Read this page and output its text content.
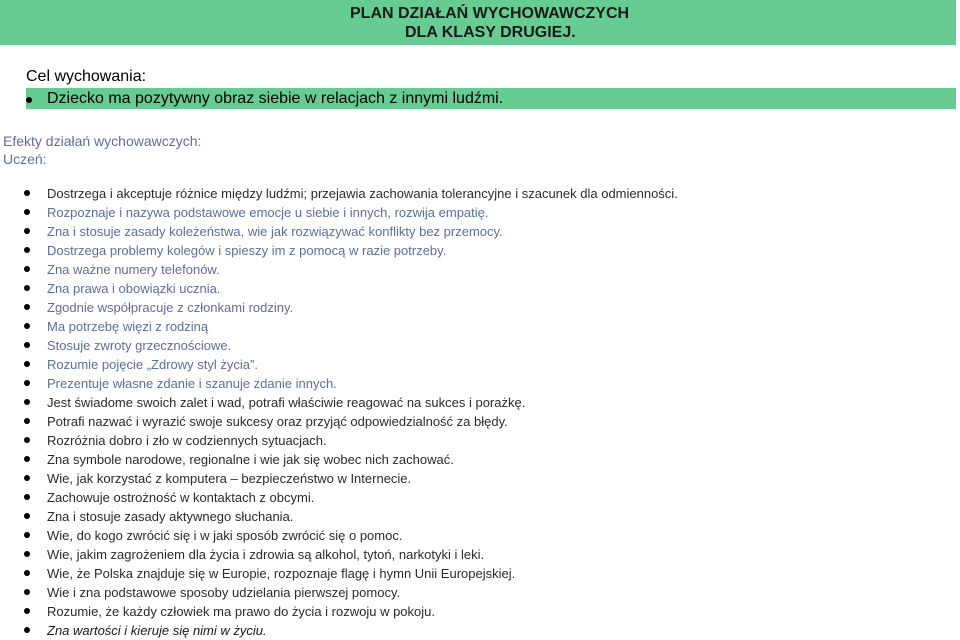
PLAN DZIAŁAŃ WYCHOWAWCZYCH
DLA KLASY DRUGIEJ.
Cel wychowania:
Dziecko ma pozytywny obraz siebie w relacjach z innymi ludźmi.
Efekty działań wychowawczych:
Uczeń:
Dostrzega i akceptuje różnice między ludźmi; przejawia zachowania tolerancyjne i szacunek dla odmienności.
Rozpoznaje i nazywa podstawowe emocje u siebie i innych, rozwija empatię.
Zna i stosuje zasady koleżeństwa, wie jak rozwiązywać konflikty bez przemocy.
Dostrzega problemy kolegów i spieszy im z pomocą w razie potrzeby.
Zna ważne numery telefonów.
Zna prawa i obowiązki ucznia.
Zgodnie współpracuje z członkami rodziny.
Ma potrzebę więzi z rodziną
Stosuje zwroty grzecznościowe.
Rozumie pojęcie „Zdrowy styl życia”.
Prezentuje własne zdanie i szanuje zdanie innych.
Jest świadome swoich zalet i wad, potrafi właściwie reagować na sukces i porażkę.
Potrafi nazwać i wyrazić swoje sukcesy oraz przyjąć odpowiedzialność za błędy.
Rozróżnia dobro i zło w codziennych sytuacjach.
Zna symbole narodowe, regionalne i wie jak się wobec nich zachować.
Wie, jak korzystać z komputera – bezpieczeństwo w Internecie.
Zachowuje ostrożność w kontaktach z obcymi.
Zna i stosuje zasady aktywnego słuchania.
Wie, do kogo zwrócić się i w jaki sposób zwrócić się o pomoc.
Wie, jakim zagrożeniem dla życia i zdrowia są alkohol, tytoń, narkotyki i leki.
Wie, że Polska znajduje się w Europie, rozpoznaje flagę i hymn Unii Europejskiej.
Wie i zna podstawowe sposoby udzielania pierwszej pomocy.
Rozumie, że każdy człowiek ma prawo do życia i rozwoju w pokoju.
Zna wartości i kieruje się nimi w życiu.
